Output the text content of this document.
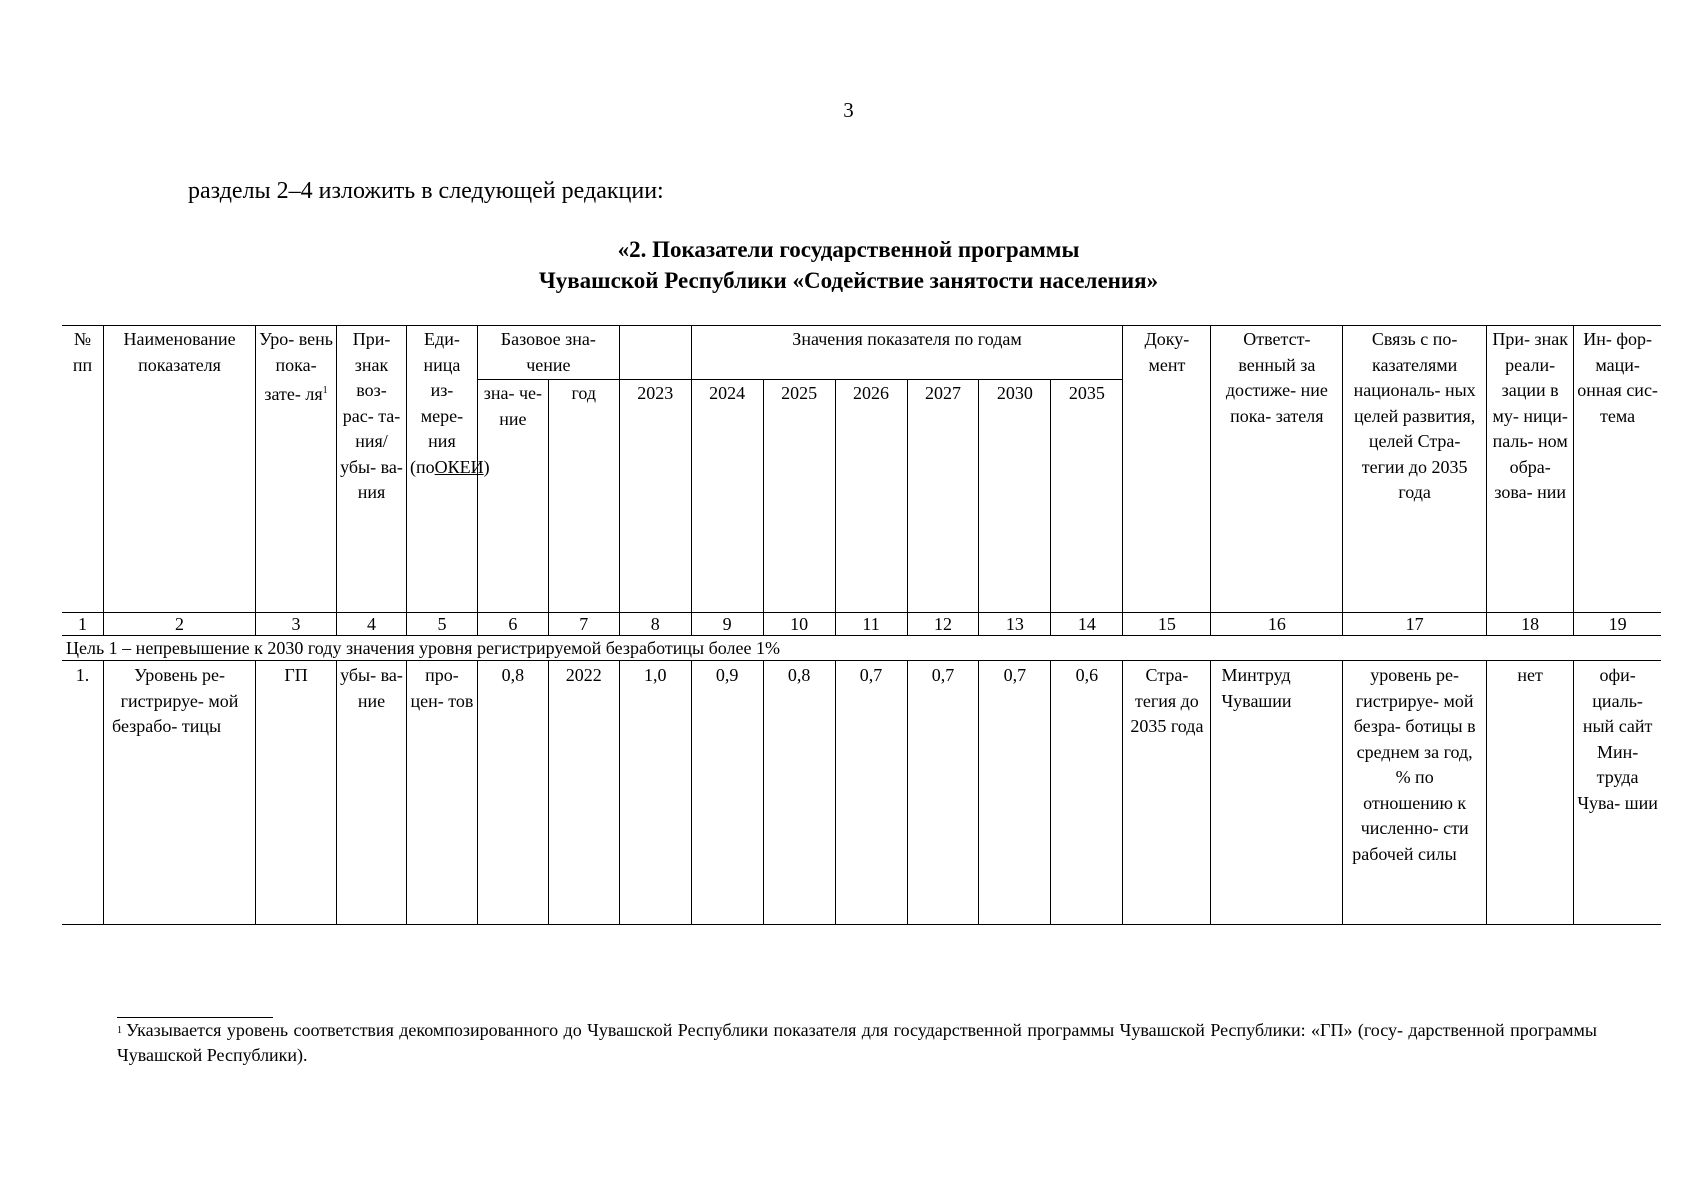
3
разделы 2–4 изложить в следующей редакции:
«2. Показатели государственной программы
Чувашской Республики «Содействие занятости населения»
№ пп	Наименование показателя	Уро- вень пока- зате- $ля^1$	При- знак воз- рас- та- ния/ убы- ва- ния	Еди- ница из- мере- ния (поОКЕИ)	Базовое зна- чение			Значения показателя по годам						Доку- мент	Ответст- венный за достиже- ние пока- зателя	Связь с по- казателями националь- ных целей развития, целей Стра- тегии до 2035 года	При- знак реали- зации в му- ници- паль- ном обра- зова- нии	Ин- фор- маци- онная сис- тема
					зна- че- ние	год	2023	2024	2025	2026	2027	2030	2035					
1	2	3	4	5	6	7	8	9	10	11	12	13	14	15	16	17	18	19
Цель 1 – непревышение к 2030 году значения уровня регистрируемой безработицы более 1%																		
1.	Уровень ре- гистрируе- мой безрабо- тицы	ГП	убы- ва- ние	про- цен- тов	0,8	2022	1,0	0,9	0,8	0,7	0,7	0,7	0,6	Стра- тегия до 2035 года	Минтруд Чувашии	уровень ре- гистрируе- мой безра- ботицы в среднем за год, % по отношению к численно- сти рабочей силы	нет	офи- циаль- ный сайт Мин- труда Чува- шии
$^1$ Указывается уровень соответствия декомпозированного до Чувашской Республики показателя для государственной программы Чувашской Республики: «ГП» (госу- дарственной программы Чувашской Республики).
